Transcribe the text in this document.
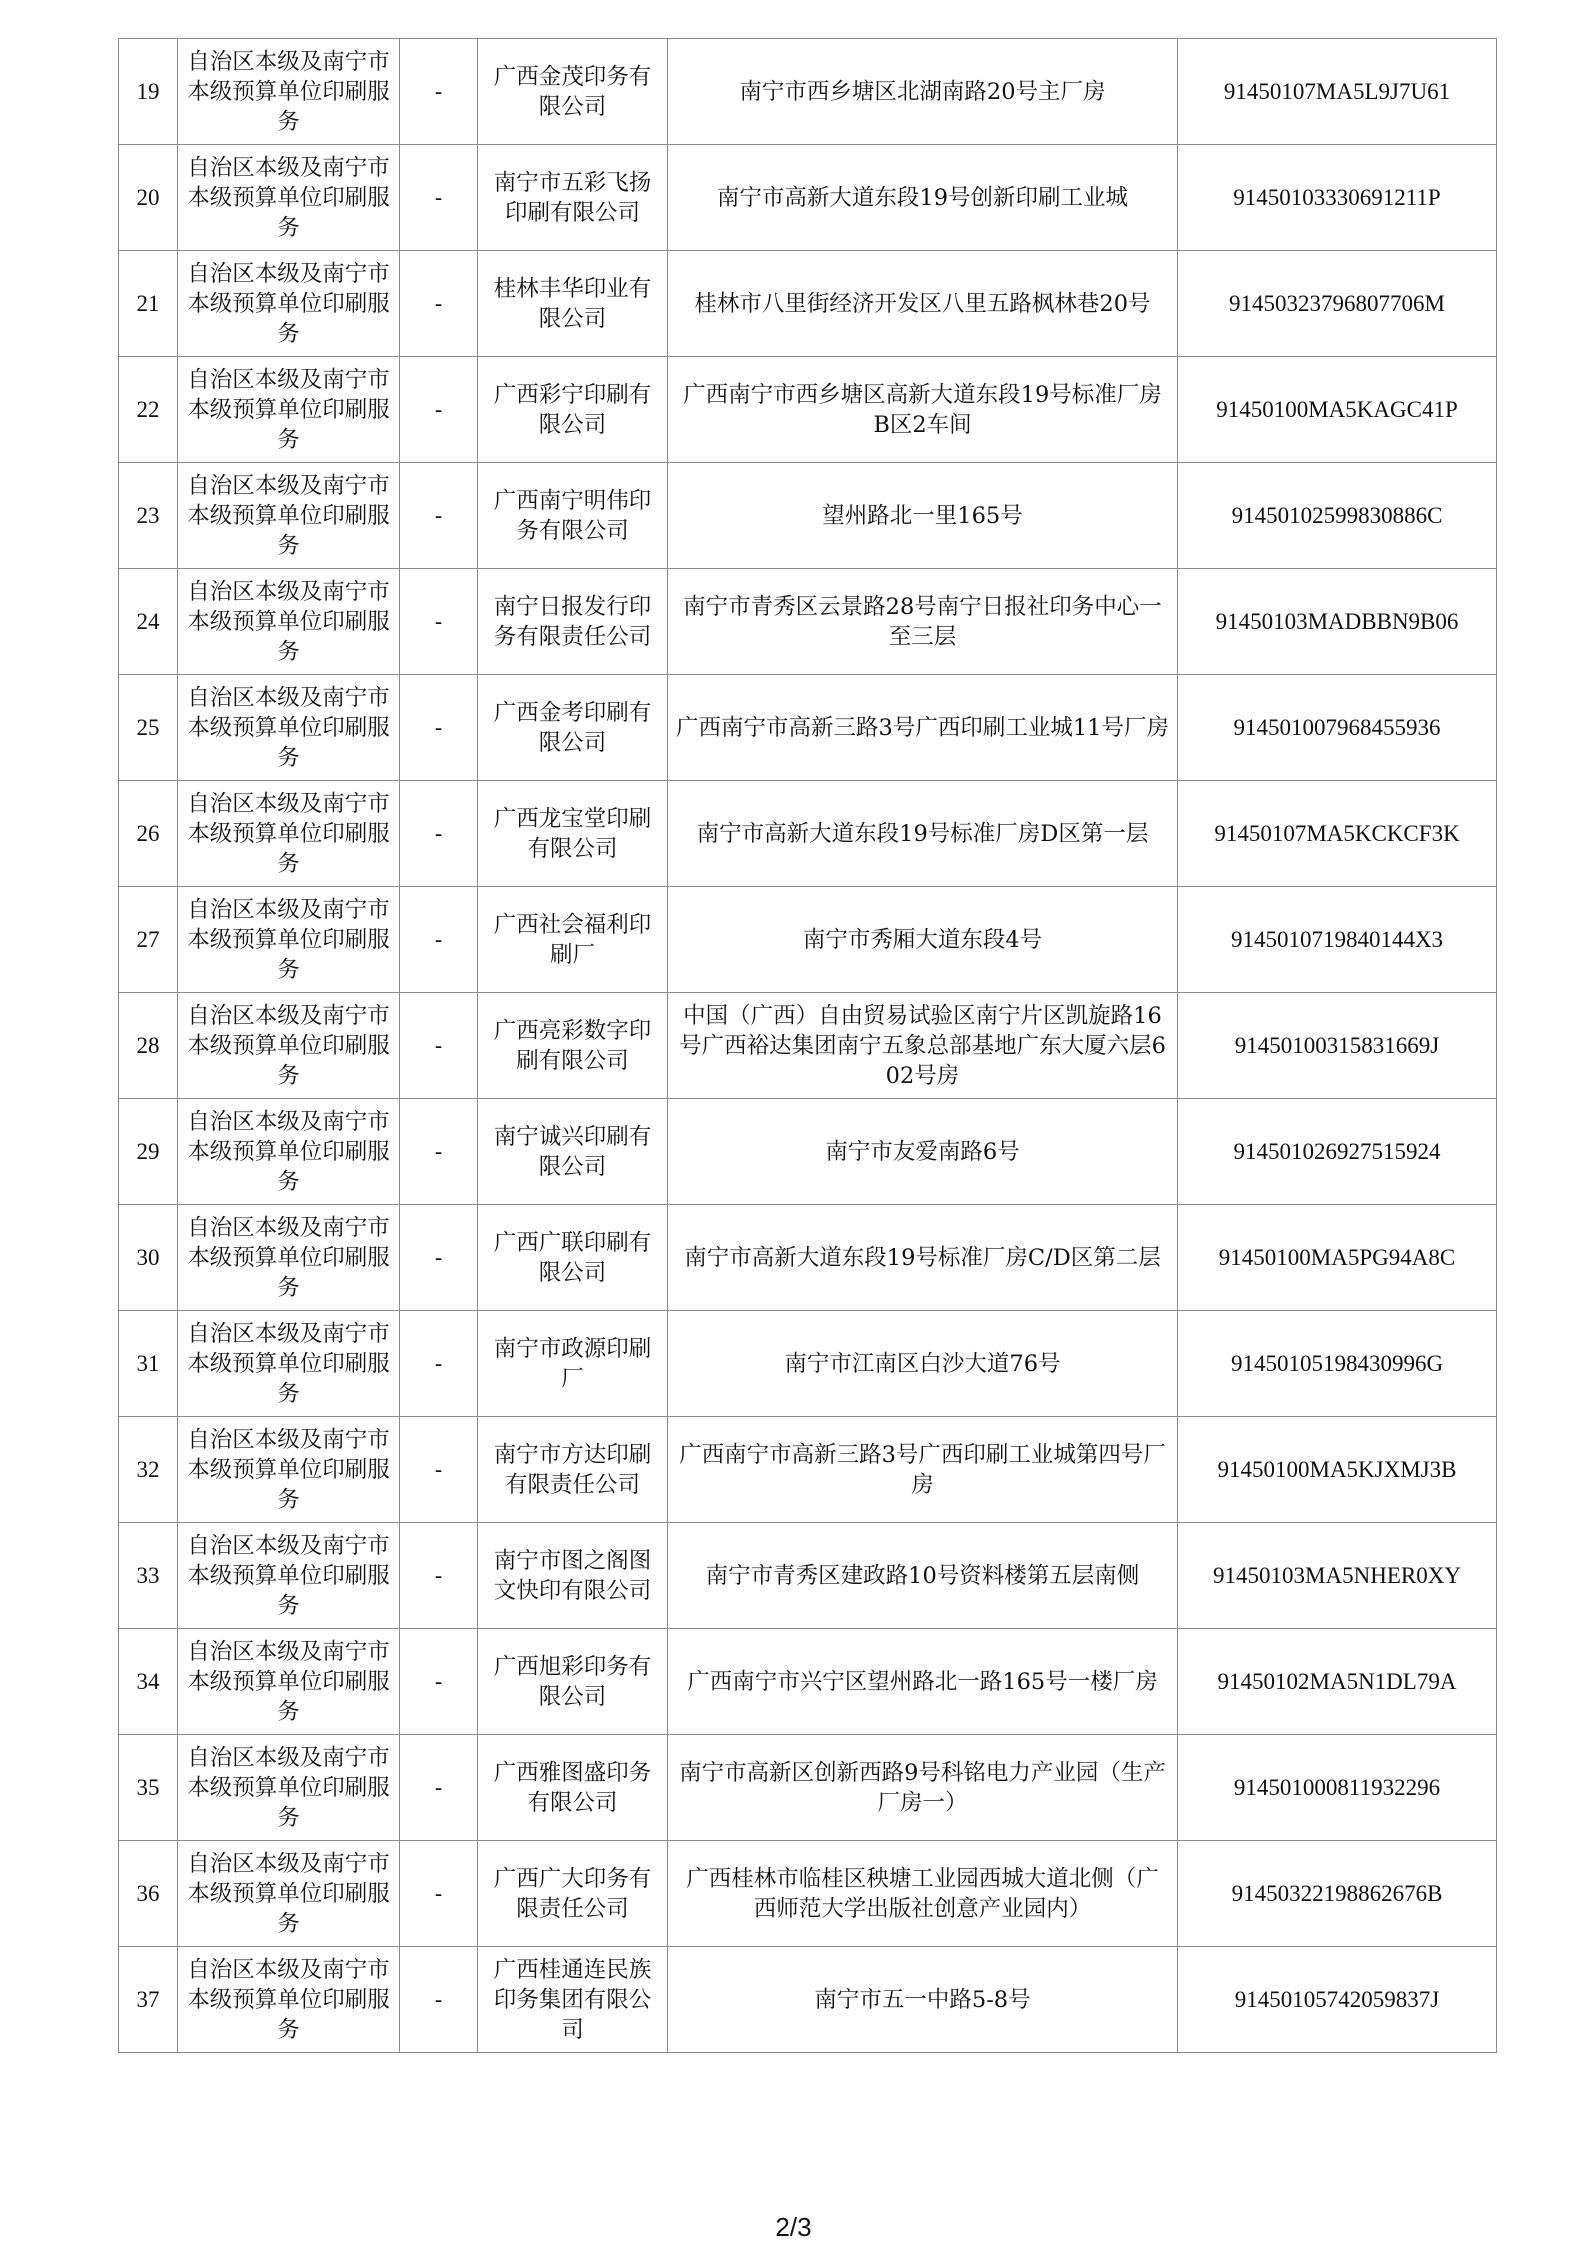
19	自治区本级及南宁市本级预算单位印刷服务	-	广西金茂印务有限公司	南宁市西乡塘区北湖南路20号主厂房	91450107MA5L9J7U61
20	自治区本级及南宁市本级预算单位印刷服务	-	南宁市五彩飞扬印刷有限公司	南宁市高新大道东段19号创新印刷工业城	91450103330691211P
21	自治区本级及南宁市本级预算单位印刷服务	-	桂林丰华印业有限公司	桂林市八里街经济开发区八里五路枫林巷20号	91450323796807706M
22	自治区本级及南宁市本级预算单位印刷服务	-	广西彩宁印刷有限公司	广西南宁市西乡塘区高新大道东段19号标准厂房B区2车间	91450100MA5KAGC41P
23	自治区本级及南宁市本级预算单位印刷服务	-	广西南宁明伟印务有限公司	望州路北一里165号	91450102599830886C
24	自治区本级及南宁市本级预算单位印刷服务	-	南宁日报发行印务有限责任公司	南宁市青秀区云景路28号南宁日报社印务中心一至三层	91450103MADBBN9B06
25	自治区本级及南宁市本级预算单位印刷服务	-	广西金考印刷有限公司	广西南宁市高新三路3号广西印刷工业城11号厂房	914501007968455936
26	自治区本级及南宁市本级预算单位印刷服务	-	广西龙宝堂印刷有限公司	南宁市高新大道东段19号标准厂房D区第一层	91450107MA5KCKCF3K
27	自治区本级及南宁市本级预算单位印刷服务	-	广西社会福利印刷厂	南宁市秀厢大道东段4号	9145010719840144X3
28	自治区本级及南宁市本级预算单位印刷服务	-	广西亮彩数字印刷有限公司	中国（广西）自由贸易试验区南宁片区凯旋路16号广西裕达集团南宁五象总部基地广东大厦六层602号房	91450100315831669J
29	自治区本级及南宁市本级预算单位印刷服务	-	南宁诚兴印刷有限公司	南宁市友爱南路6号	914501026927515924
30	自治区本级及南宁市本级预算单位印刷服务	-	广西广联印刷有限公司	南宁市高新大道东段19号标准厂房C/D区第二层	91450100MA5PG94A8C
31	自治区本级及南宁市本级预算单位印刷服务	-	南宁市政源印刷厂	南宁市江南区白沙大道76号	91450105198430996G
32	自治区本级及南宁市本级预算单位印刷服务	-	南宁市方达印刷有限责任公司	广西南宁市高新三路3号广西印刷工业城第四号厂房	91450100MA5KJXMJ3B
33	自治区本级及南宁市本级预算单位印刷服务	-	南宁市图之阁图文快印有限公司	南宁市青秀区建政路10号资料楼第五层南侧	91450103MA5NHER0XY
34	自治区本级及南宁市本级预算单位印刷服务	-	广西旭彩印务有限公司	广西南宁市兴宁区望州路北一路165号一楼厂房	91450102MA5N1DL79A
35	自治区本级及南宁市本级预算单位印刷服务	-	广西雅图盛印务有限公司	南宁市高新区创新西路9号科铭电力产业园（生产厂房一）	914501000811932296
36	自治区本级及南宁市本级预算单位印刷服务	-	广西广大印务有限责任公司	广西桂林市临桂区秧塘工业园西城大道北侧（广西师范大学出版社创意产业园内）	91450322198862676B
37	自治区本级及南宁市本级预算单位印刷服务	-	广西桂通连民族印务集团有限公司	南宁市五一中路5-8号	91450105742059837J
2/3
